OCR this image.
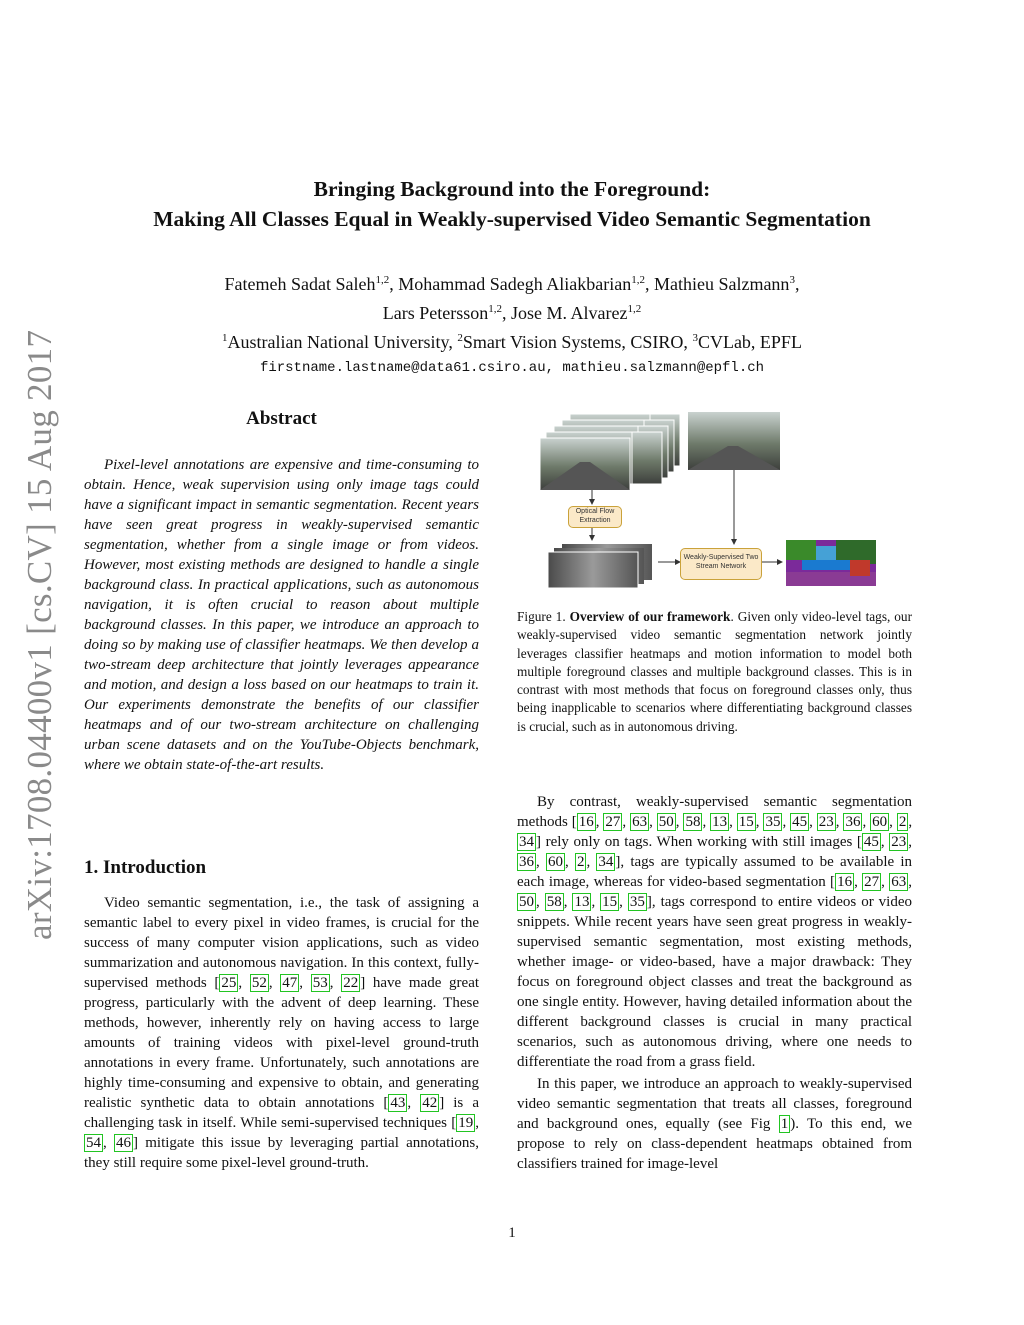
arXiv:1708.04400v1 [cs.CV] 15 Aug 2017
Bringing Background into the Foreground:
Making All Classes Equal in Weakly-supervised Video Semantic Segmentation
Fatemeh Sadat Saleh$^{1,2}$, Mohammad Sadegh Aliakbarian$^{1,2}$, Mathieu Salzmann$^3$,
Lars Petersson$^{1,2}$, Jose M. Alvarez$^{1,2}$
$^1$Australian National University, $^2$Smart Vision Systems, CSIRO, $^3$CVLab, EPFL
firstname.lastname@data61.csiro.au, mathieu.salzmann@epfl.ch
Abstract

Pixel-level annotations are expensive and time-consuming to obtain. Hence, weak supervision using only image tags could have a significant impact in semantic segmentation. Recent years have seen great progress in weakly-supervised semantic segmentation, whether from a single image or from videos. However, most existing methods are designed to handle a single background class. In practical applications, such as autonomous navigation, it is often crucial to reason about multiple background classes. In this paper, we introduce an approach to doing so by making use of classifier heatmaps. We then develop a two-stream deep architecture that jointly leverages appearance and motion, and design a loss based on our heatmaps to train it. Our experiments demonstrate the benefits of our classifier heatmaps and of our two-stream architecture on challenging urban scene datasets and on the YouTube-Objects benchmark, where we obtain state-of-the-art results.

1. Introduction

Video semantic segmentation, i.e., the task of assigning a semantic label to every pixel in video frames, is crucial for the success of many computer vision applications, such as video summarization and autonomous navigation. In this context, fully-supervised methods [ 25 , 52 , 47 , 53 , 22 ] have made great progress, particularly with the advent of deep learning. These methods, however, inherently rely on having access to large amounts of training videos with pixel-level ground-truth annotations in every frame. Unfortunately, such annotations are highly time-consuming and expensive to obtain, and generating realistic synthetic data to obtain annotations [ 43 , 42 ] is a challenging task in itself. While semi-supervised techniques [ 19 , 54 , 46 ] mitigate this issue by leveraging partial annotations, they still require some pixel-level ground-truth.

Optical Flow Extraction
Weakly-Supervised Two Stream Network
Figure 1. Overview of our framework. Given only video-level tags, our weakly-supervised video semantic segmentation network jointly leverages classifier heatmaps and motion information to model both multiple foreground classes and multiple background classes. This is in contrast with most methods that focus on foreground classes only, thus being inapplicable to scenarios where differentiating background classes is crucial, such as in autonomous driving.

By contrast, weakly-supervised semantic segmentation methods [ 16 , 27 , 63 , 50 , 58 , 13 , 15 , 35 , 45 , 23 , 36 , 60 , 2 , 34 ] rely only on tags. When working with still images [ 45 , 23 , 36 , 60 , 2 , 34 ], tags are typically assumed to be available in each image, whereas for video-based segmentation [ 16 , 27 , 63 , 50 , 58 , 13 , 15 , 35 ], tags correspond to entire videos or video snippets. While recent years have seen great progress in weakly-supervised semantic segmentation, most existing methods, whether image- or video-based, have a major drawback: They focus on foreground object classes and treat the background as one single entity. However, having detailed information about the different background classes is crucial in many practical scenarios, such as autonomous driving, where one needs to differentiate the road from a grass field.

In this paper, we introduce an approach to weakly-supervised video semantic segmentation that treats all classes, foreground and background ones, equally (see Fig 1 ). To this end, we propose to rely on class-dependent heatmaps obtained from classifiers trained for image-level

1
